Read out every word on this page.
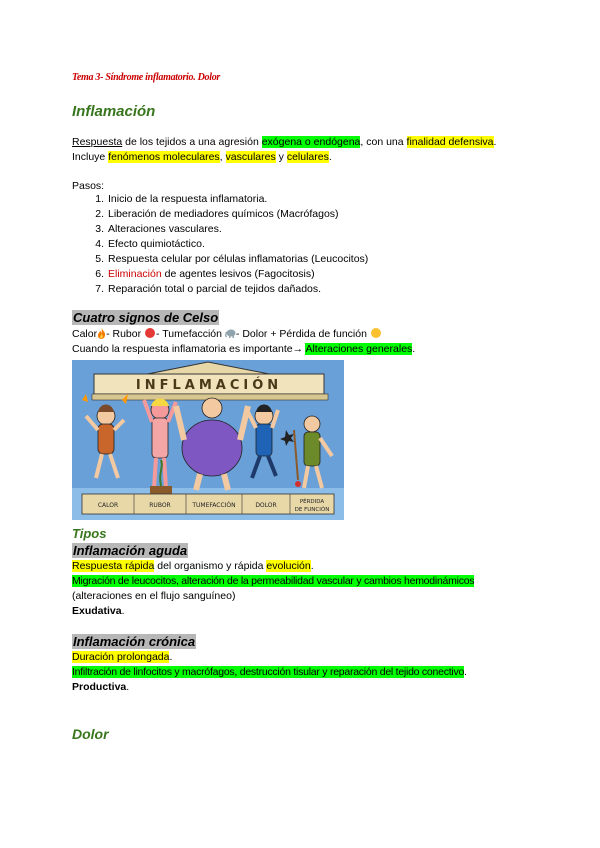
Tema 3- Síndrome inflamatorio. Dolor
Inflamación
Respuesta de los tejidos a una agresión exógena o endógena, con una finalidad defensiva.
Incluye fenómenos moleculares, vasculares y celulares.
Pasos:
1. Inicio de la respuesta inflamatoria.
2. Liberación de mediadores químicos (Macrófagos)
3. Alteraciones vasculares.
4. Efecto quimiotáctico.
5. Respuesta celular por células inflamatorias (Leucocitos)
6. Eliminación de agentes lesivos (Fagocitosis)
7. Reparación total o parcial de tejidos dañados.
Cuatro signos de Celso
Calor - Rubor - Tumefacción - Dolor + Pérdida de función
Cuando la respuesta inflamatoria es importante→ Alteraciones generales.
INFLAMACIÓN
CALOR	RUBOR	TUMEFACCIÓN	DOLOR	PÉRDIDA
DE FUNCIÓN
Tipos
Inflamación aguda
Respuesta rápida del organismo y rápida evolución.
Migración de leucocitos, alteración de la permeabilidad vascular y cambios hemodinámicos
(alteraciones en el flujo sanguíneo)
Exudativa.
Inflamación crónica
Duración prolongada.
Infiltración de linfocitos y macrófagos, destrucción tisular y reparación del tejido conectivo.
Productiva.
Dolor
